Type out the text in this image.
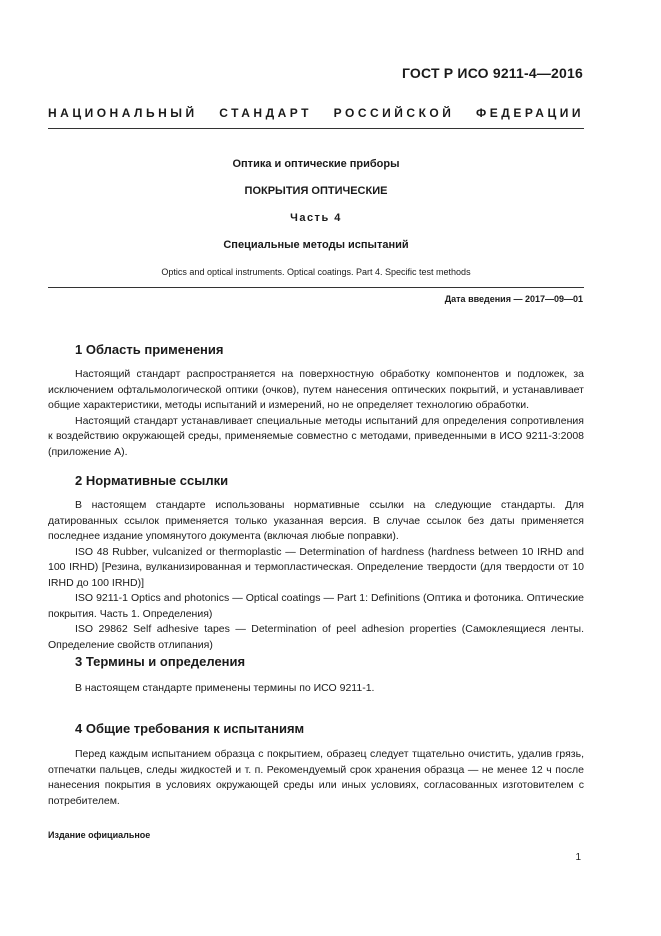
ГОСТ Р ИСО 9211-4—2016
НАЦИОНАЛЬНЫЙ СТАНДАРТ РОССИЙСКОЙ ФЕДЕРАЦИИ
Оптика и оптические приборы
ПОКРЫТИЯ ОПТИЧЕСКИЕ
Часть 4
Специальные методы испытаний
Optics and optical instruments. Optical coatings. Part 4. Specific test methods
Дата введения — 2017—09—01
1 Область применения

Настоящий стандарт распространяется на поверхностную обработку компонентов и подложек, за исключением офтальмологической оптики (очков), путем нанесения оптических покрытий, и устанавливает общие характеристики, методы испытаний и измерений, но не определяет технологию обработки.

Настоящий стандарт устанавливает специальные методы испытаний для определения сопротивления к воздействию окружающей среды, применяемые совместно с методами, приведенными в ИСО 9211-3:2008 (приложение А).

2 Нормативные ссылки

В настоящем стандарте использованы нормативные ссылки на следующие стандарты. Для датированных ссылок применяется только указанная версия. В случае ссылок без даты применяется последнее издание упомянутого документа (включая любые поправки).

ISO 48 Rubber, vulcanized or thermoplastic — Determination of hardness (hardness between 10 IRHD and 100 IRHD) [Резина, вулканизированная и термопластическая. Определение твердости (для твердости от 10 IRHD до 100 IRHD)]

ISO 9211-1 Optics and photonics — Optical coatings — Part 1: Definitions (Оптика и фотоника. Оптические покрытия. Часть 1. Определения)

ISO 29862 Self adhesive tapes — Determination of peel adhesion properties (Самоклеящиеся ленты. Определение свойств отлипания)

3 Термины и определения

В настоящем стандарте применены термины по ИСО 9211-1.

4 Общие требования к испытаниям

Перед каждым испытанием образца с покрытием, образец следует тщательно очистить, удалив грязь, отпечатки пальцев, следы жидкостей и т. п. Рекомендуемый срок хранения образца — не менее 12 ч после нанесения покрытия в условиях окружающей среды или иных условиях, согласованных изготовителем с потребителем.

Издание официальное
1
